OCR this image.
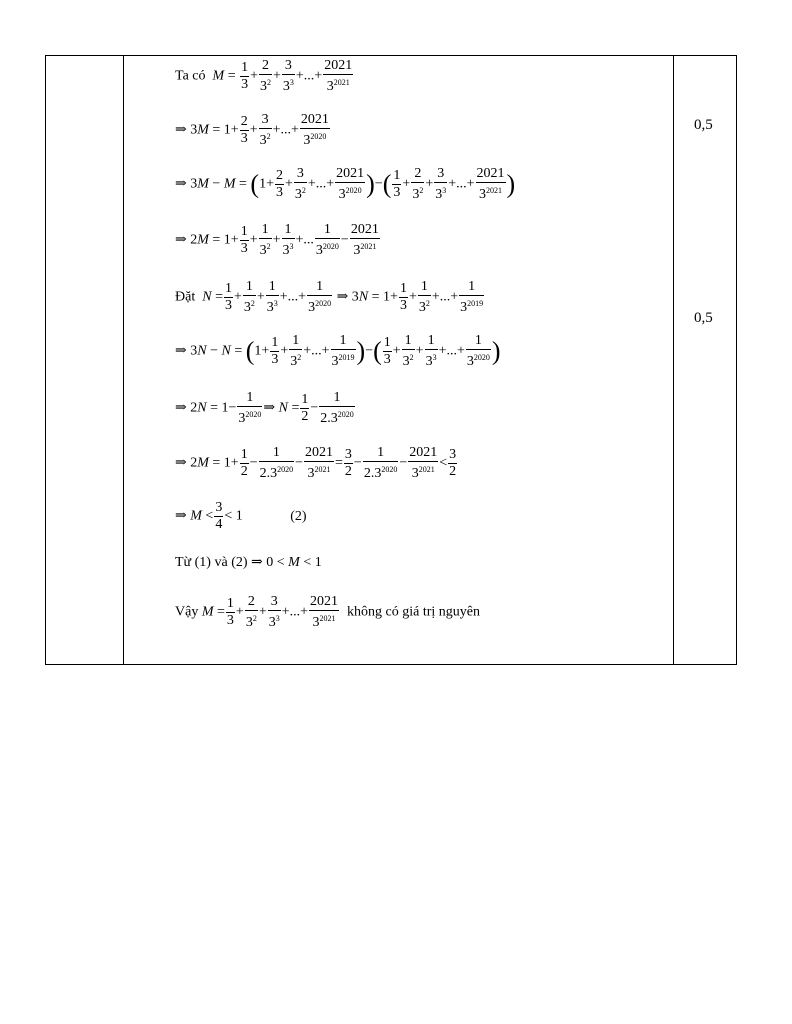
0,5
0,5
Ta có $M = \frac{1}{3} + \frac{2}{3^2} + \frac{3}{3^3}$ +...+ $\frac{2021}{3^{2021}}$
⇒ $3M = 1+ \frac{2}{3} + \frac{3}{3^2}$ +...+ $\frac{2021}{3^{2020}}$
⇒ $3M - M = (1+ \frac{2}{3} + \frac{3}{3^2}$ +...+ $\frac{2021}{3^{2020}}$ )−( $\frac{1}{3} + \frac{2}{3^2} + \frac{3}{3^3}$ +...+ $\frac{2021}{3^{2021}}$ )
⇒ $2M = 1+ \frac{1}{3} + \frac{1}{3^2} + \frac{1}{3^3}$ +... $\frac{1}{3^{2020}} - \frac{2021}{3^{2021}}$
Đặt $N = \frac{1}{3} + \frac{1}{3^2} + \frac{1}{3^3}$ +...+ $\frac{1}{3^{2020}}$ ⇒ $3N = 1+ \frac{1}{3} + \frac{1}{3^2}$ +...+ $\frac{1}{3^{2019}}$
⇒ $3N - N = (1+ \frac{1}{3} + \frac{1}{3^2}$ +...+ $\frac{1}{3^{2019}}$ )−( $\frac{1}{3} + \frac{1}{3^2} + \frac{1}{3^3}$ +...+ $\frac{1}{3^{2020}}$ )
⇒ $2N = 1- \frac{1}{3^{2020}}$ ⇒ $N = \frac{1}{2} - \frac{1}{2.3^{2020}}$
⇒ $2M = 1+ \frac{1}{2} - \frac{1}{2.3^{2020}} - \frac{2021}{3^{2021}} = \frac{3}{2} - \frac{1}{2.3^{2020}} - \frac{2021}{3^{2021}} < \frac{3}{2}$
⇒ $M < \frac{3}{4} < 1$	(2)
Từ (1) và (2) ⇒ 0 < M < 1
Vậy $M = \frac{1}{3} + \frac{2}{3^2} + \frac{3}{3^3}$ +...+ $\frac{2021}{3^{2021}}$ không có giá trị nguyên
